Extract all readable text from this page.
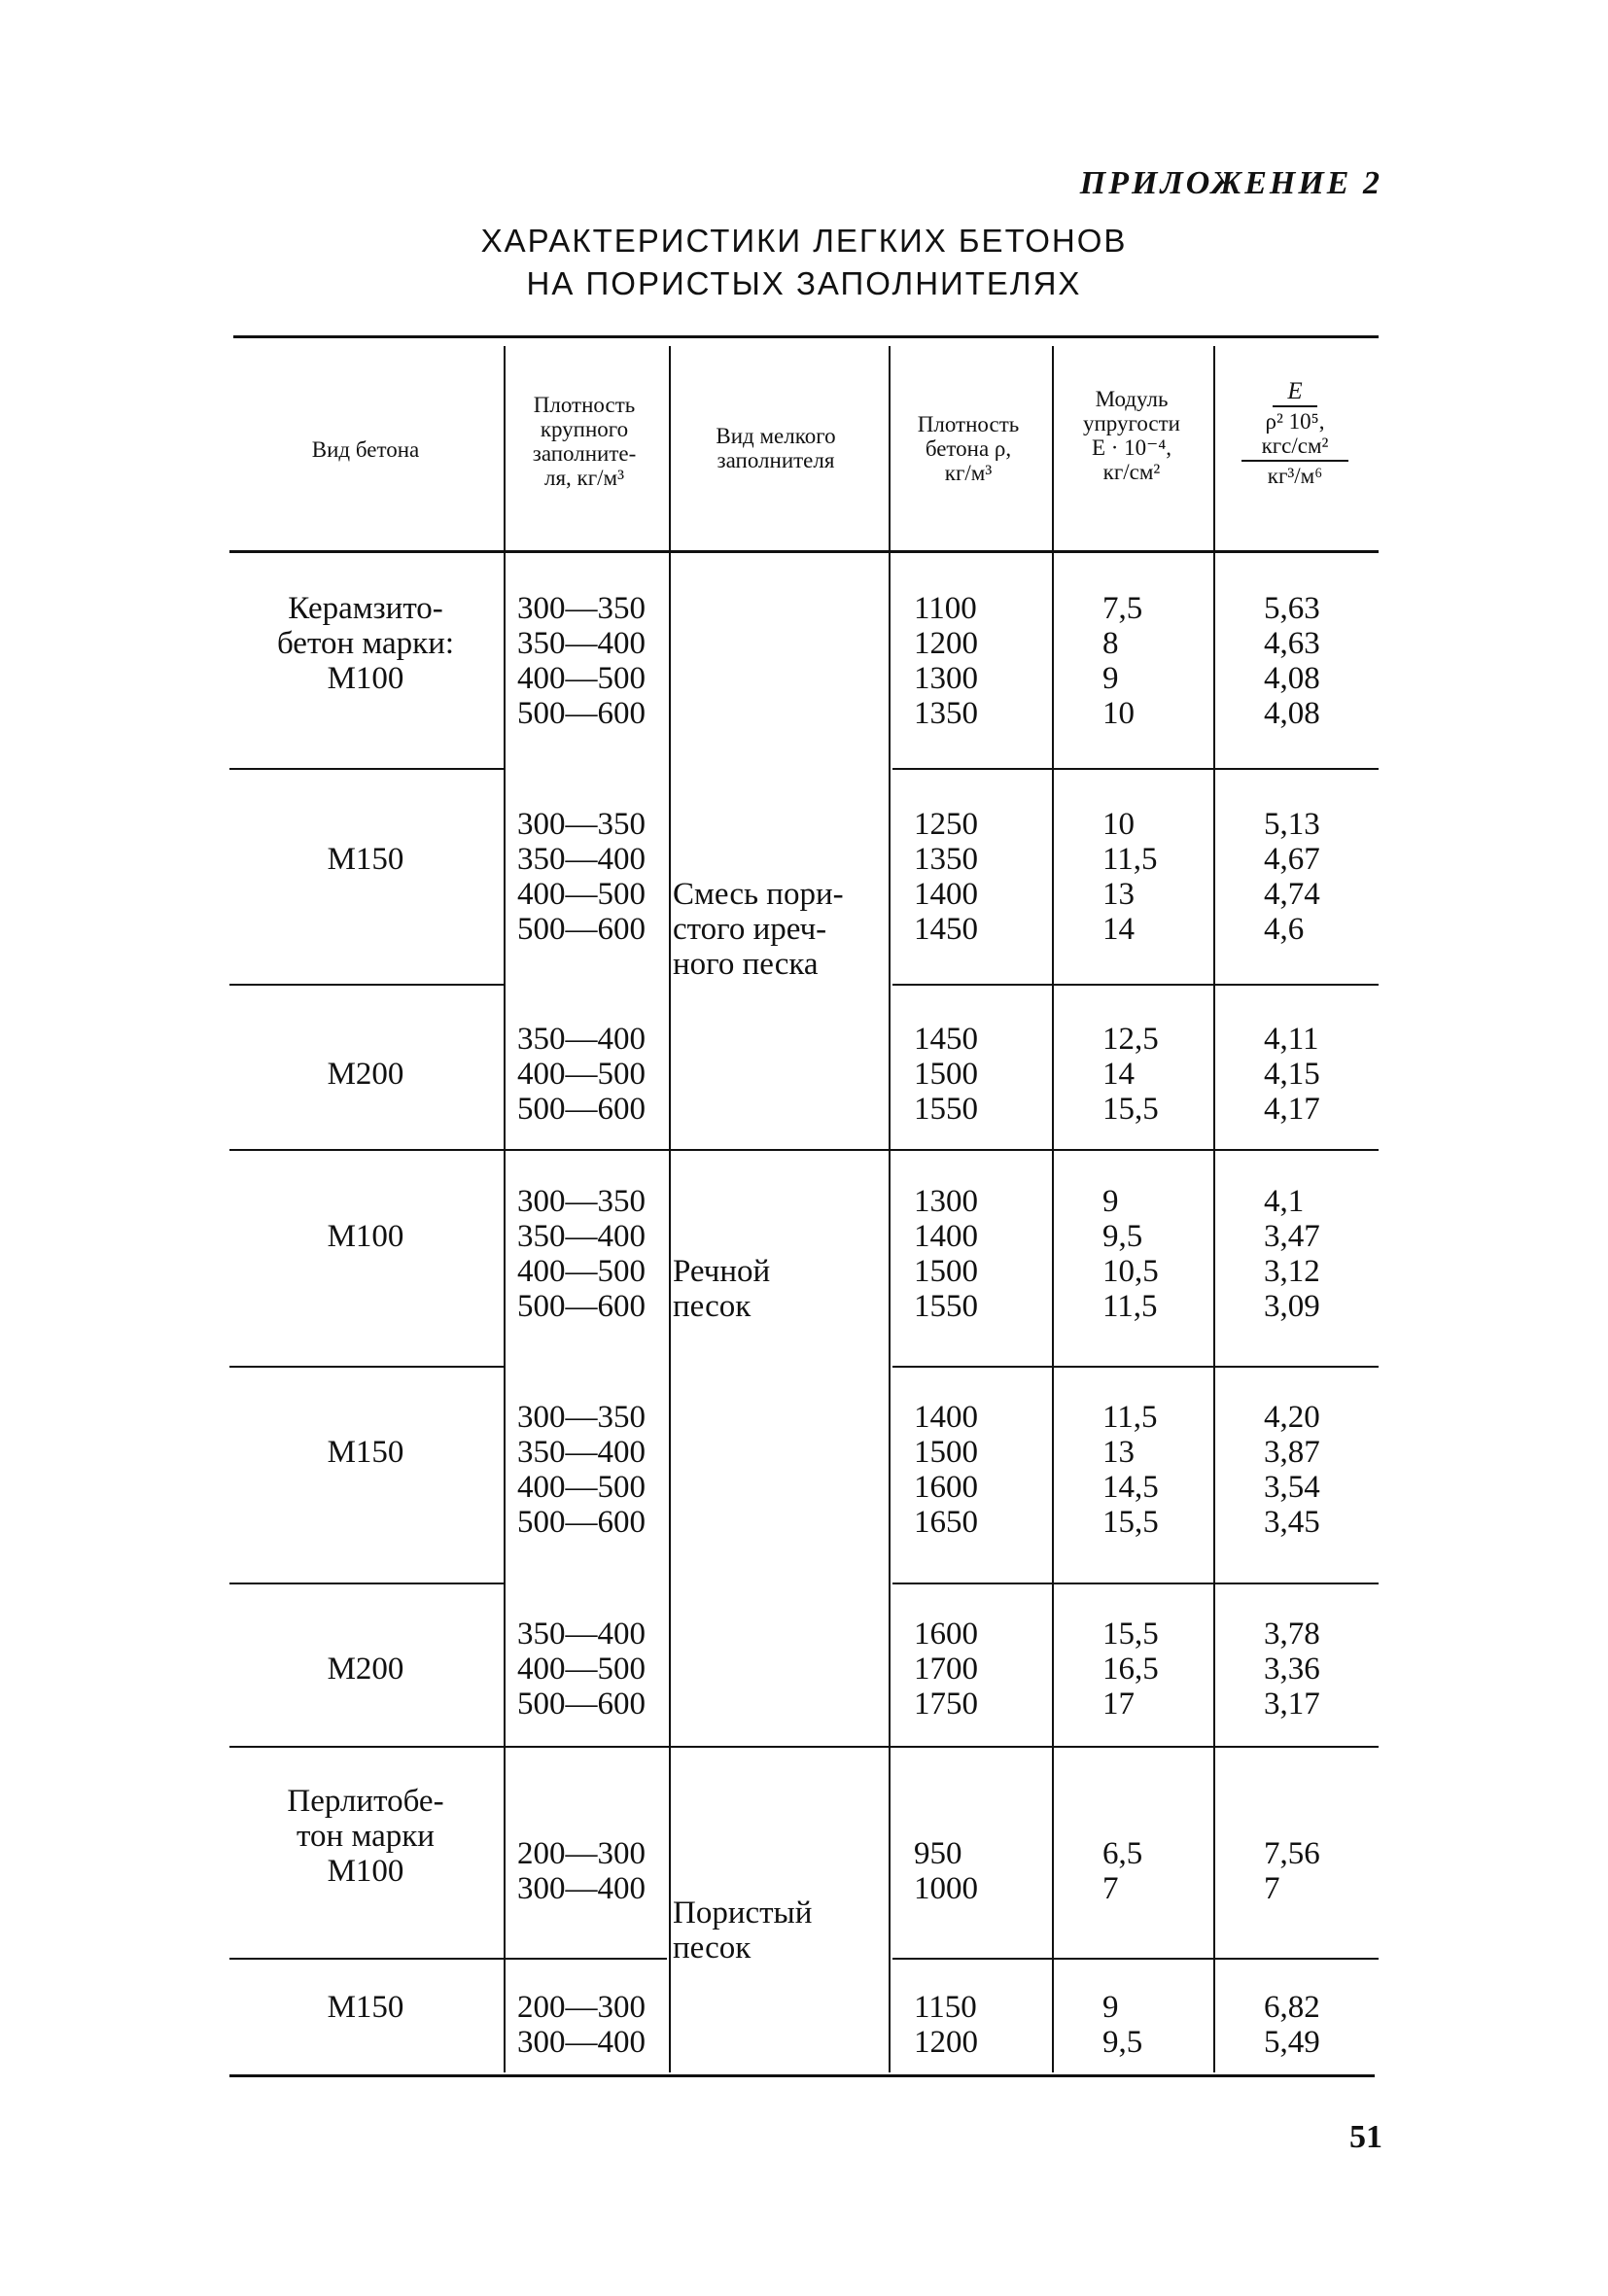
ПРИЛОЖЕНИЕ 2
ХАРАКТЕРИСТИКИ ЛЕГКИХ БЕТОНОВ
НА ПОРИСТЫХ ЗАПОЛНИТЕЛЯХ
Вид бетона
Плотность
крупного
заполните-
ля, кг/м³
Вид мелкого
заполнителя
Плотность
бетона ρ,
кг/м³
Модуль
упругости
E · 10⁻⁴,
кг/см²
E
ρ² 10⁵,
кгс/см²
кг³/м⁶
Керамзито-
бетон марки:
M100
300—350
350—400
400—500
500—600
1100
1200
1300
1350
7,5
8
9
10
5,63
4,63
4,08
4,08
M150
300—350
350—400
400—500
500—600
1250
1350
1400
1450
10
11,5
13
14
5,13
4,67
4,74
4,6
M200
350—400
400—500
500—600
1450
1500
1550
12,5
14
15,5
4,11
4,15
4,17
M100
300—350
350—400
400—500
500—600
1300
1400
1500
1550
9
9,5
10,5
11,5
4,1
3,47
3,12
3,09
M150
300—350
350—400
400—500
500—600
1400
1500
1600
1650
11,5
13
14,5
15,5
4,20
3,87
3,54
3,45
M200
350—400
400—500
500—600
1600
1700
1750
15,5
16,5
17
3,78
3,36
3,17
Перлитобе-
тон марки
M100	200—300
300—400
950
1000
6,5
7
7,56
7
M150	200—300
300—400
1150
1200
9
9,5
6,82
5,49
Смесь пори-
стого иреч-
ного песка
Речной
песок
Пористый
песок
51
